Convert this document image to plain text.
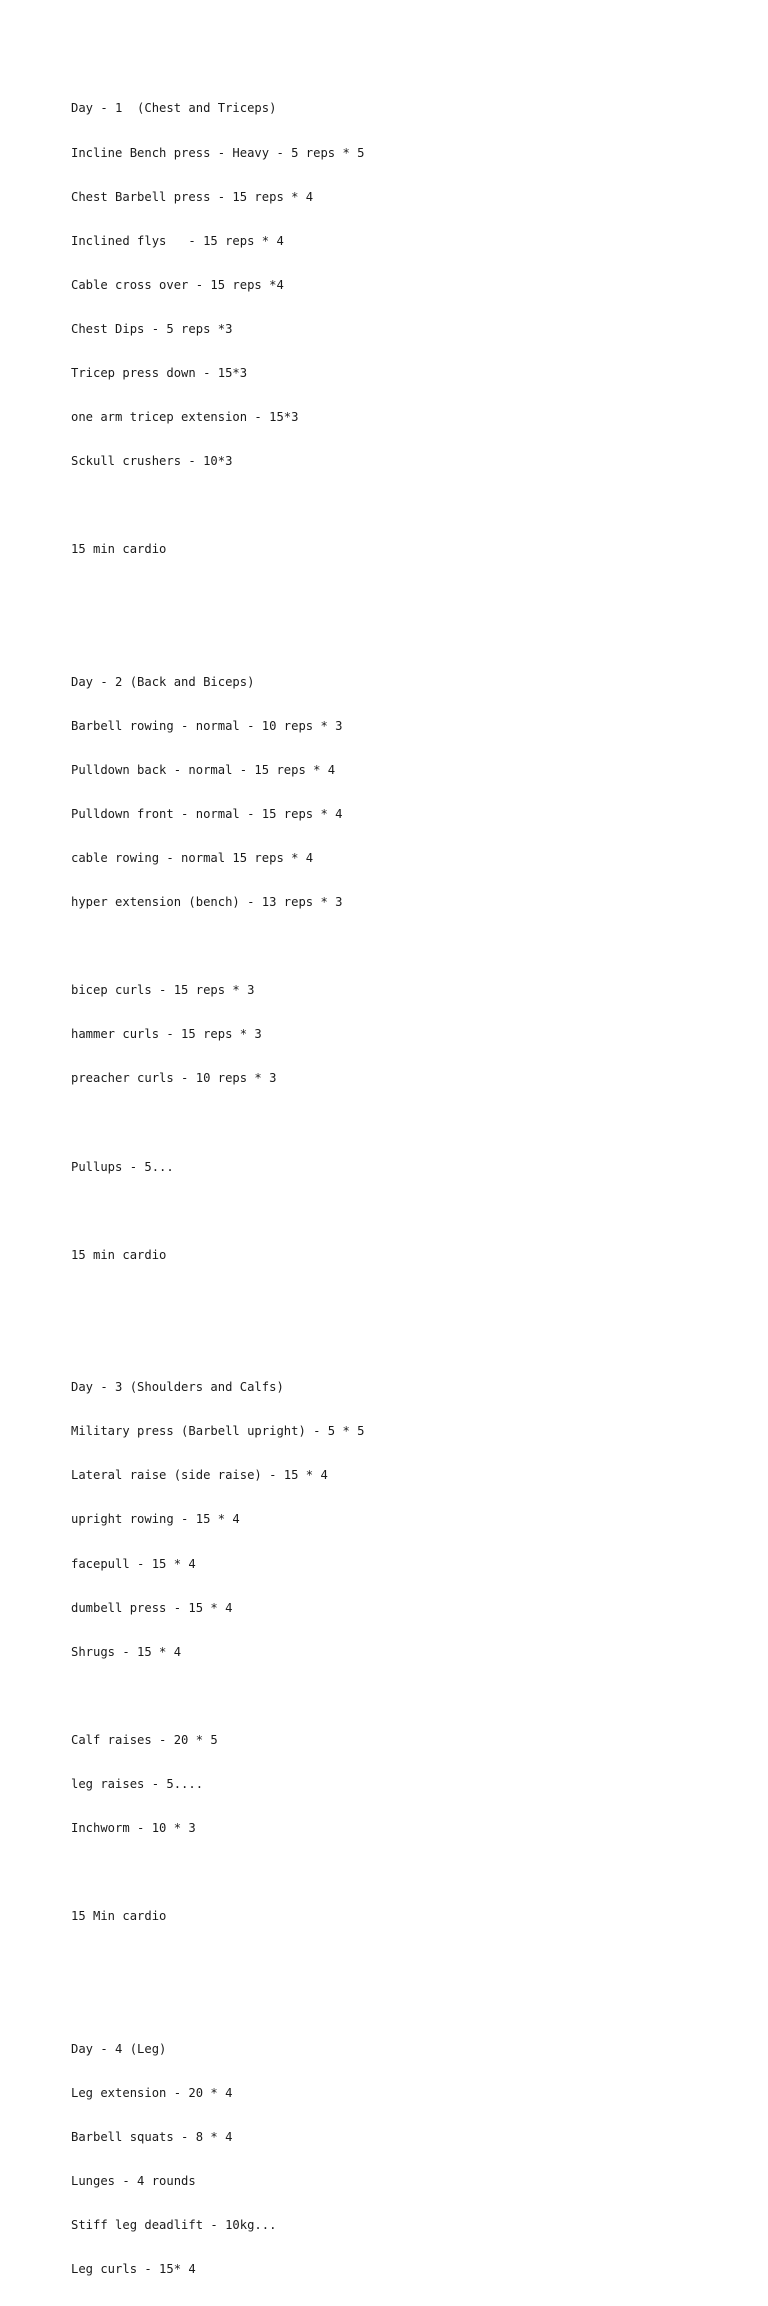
Day - 1  (Chest and Triceps)

Incline Bench press - Heavy - 5 reps * 5

Chest Barbell press - 15 reps * 4

Inclined flys   - 15 reps * 4

Cable cross over - 15 reps *4

Chest Dips - 5 reps *3

Tricep press down - 15*3

one arm tricep extension - 15*3

Sckull crushers - 10*3

15 min cardio

Day - 2 (Back and Biceps)

Barbell rowing - normal - 10 reps * 3

Pulldown back - normal - 15 reps * 4

Pulldown front - normal - 15 reps * 4

cable rowing - normal 15 reps * 4

hyper extension (bench) - 13 reps * 3

bicep curls - 15 reps * 3

hammer curls - 15 reps * 3

preacher curls - 10 reps * 3

Pullups - 5...

15 min cardio

Day - 3 (Shoulders and Calfs)

Military press (Barbell upright) - 5 * 5

Lateral raise (side raise) - 15 * 4

upright rowing - 15 * 4

facepull - 15 * 4

dumbell press - 15 * 4

Shrugs - 15 * 4

Calf raises - 20 * 5

leg raises - 5....

Inchworm - 10 * 3

15 Min cardio

Day - 4 (Leg)

Leg extension - 20 * 4

Barbell squats - 8 * 4

Lunges - 4 rounds

Stiff leg deadlift - 10kg...

Leg curls - 15* 4
